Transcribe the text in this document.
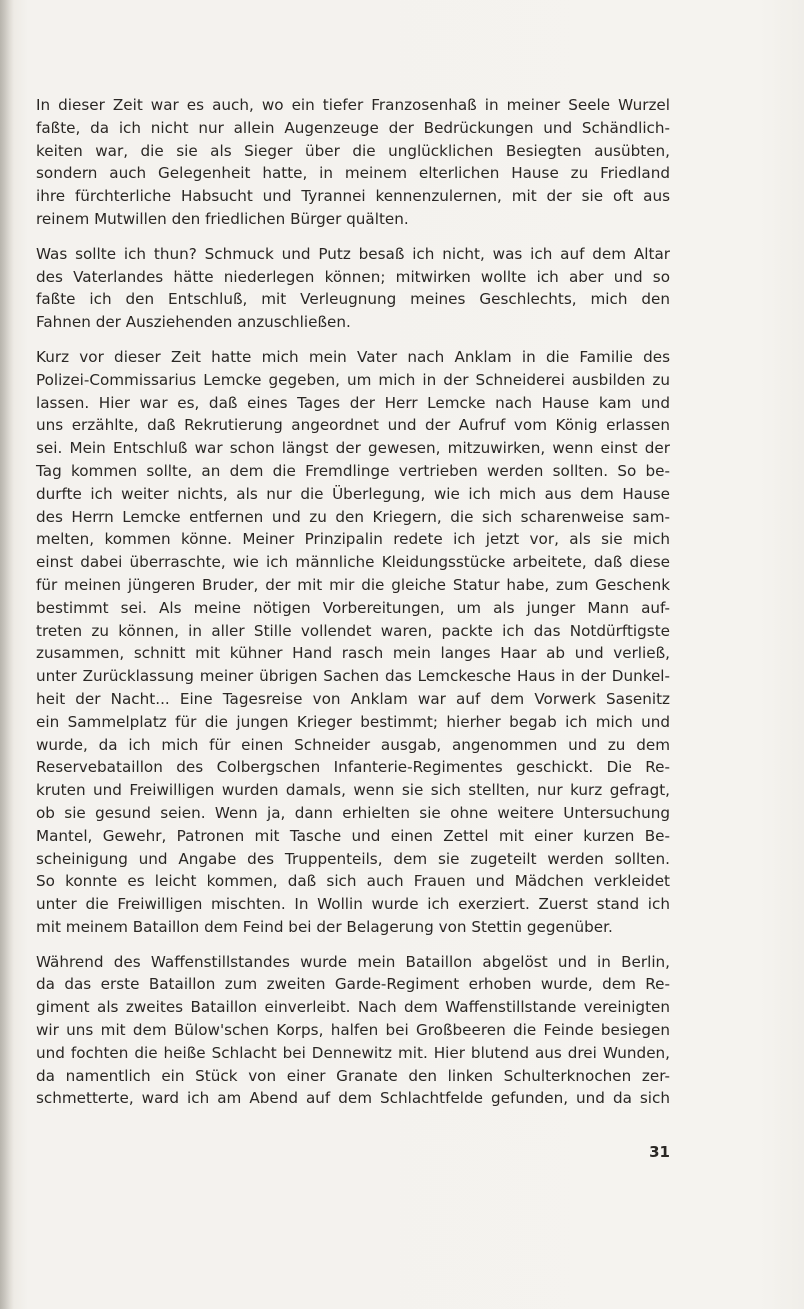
In dieser Zeit war es auch, wo ein tiefer Franzosenhaß in meiner Seele Wurzel
faßte, da ich nicht nur allein Augenzeuge der Bedrückungen und Schändlich-
keiten war, die sie als Sieger über die unglücklichen Besiegten ausübten,
sondern auch Gelegenheit hatte, in meinem elterlichen Hause zu Friedland
ihre fürchterliche Habsucht und Tyrannei kennenzulernen, mit der sie oft aus
reinem Mutwillen den friedlichen Bürger quälten.

Was sollte ich thun? Schmuck und Putz besaß ich nicht, was ich auf dem Altar
des Vaterlandes hätte niederlegen können; mitwirken wollte ich aber und so
faßte ich den Entschluß, mit Verleugnung meines Geschlechts, mich den
Fahnen der Ausziehenden anzuschließen.

Kurz vor dieser Zeit hatte mich mein Vater nach Anklam in die Familie des
Polizei-Commissarius Lemcke gegeben, um mich in der Schneiderei ausbilden zu
lassen. Hier war es, daß eines Tages der Herr Lemcke nach Hause kam und
uns erzählte, daß Rekrutierung angeordnet und der Aufruf vom König erlassen
sei. Mein Entschluß war schon längst der gewesen, mitzuwirken, wenn einst der
Tag kommen sollte, an dem die Fremdlinge vertrieben werden sollten. So be-
durfte ich weiter nichts, als nur die Überlegung, wie ich mich aus dem Hause
des Herrn Lemcke entfernen und zu den Kriegern, die sich scharenweise sam-
melten, kommen könne. Meiner Prinzipalin redete ich jetzt vor, als sie mich
einst dabei überraschte, wie ich männliche Kleidungsstücke arbeitete, daß diese
für meinen jüngeren Bruder, der mit mir die gleiche Statur habe, zum Geschenk
bestimmt sei. Als meine nötigen Vorbereitungen, um als junger Mann auf-
treten zu können, in aller Stille vollendet waren, packte ich das Notdürftigste
zusammen, schnitt mit kühner Hand rasch mein langes Haar ab und verließ,
unter Zurücklassung meiner übrigen Sachen das Lemckesche Haus in der Dunkel-
heit der Nacht... Eine Tagesreise von Anklam war auf dem Vorwerk Sasenitz
ein Sammelplatz für die jungen Krieger bestimmt; hierher begab ich mich und
wurde, da ich mich für einen Schneider ausgab, angenommen und zu dem
Reservebataillon des Colbergschen Infanterie-Regimentes geschickt. Die Re-
kruten und Freiwilligen wurden damals, wenn sie sich stellten, nur kurz gefragt,
ob sie gesund seien. Wenn ja, dann erhielten sie ohne weitere Untersuchung
Mantel, Gewehr, Patronen mit Tasche und einen Zettel mit einer kurzen Be-
scheinigung und Angabe des Truppenteils, dem sie zugeteilt werden sollten.
So konnte es leicht kommen, daß sich auch Frauen und Mädchen verkleidet
unter die Freiwilligen mischten. In Wollin wurde ich exerziert. Zuerst stand ich
mit meinem Bataillon dem Feind bei der Belagerung von Stettin gegenüber.

Während des Waffenstillstandes wurde mein Bataillon abgelöst und in Berlin,
da das erste Bataillon zum zweiten Garde-Regiment erhoben wurde, dem Re-
giment als zweites Bataillon einverleibt. Nach dem Waffenstillstande vereinigten
wir uns mit dem Bülow'schen Korps, halfen bei Großbeeren die Feinde besiegen
und fochten die heiße Schlacht bei Dennewitz mit. Hier blutend aus drei Wunden,
da namentlich ein Stück von einer Granate den linken Schulterknochen zer-
schmetterte, ward ich am Abend auf dem Schlachtfelde gefunden, und da sich

31
